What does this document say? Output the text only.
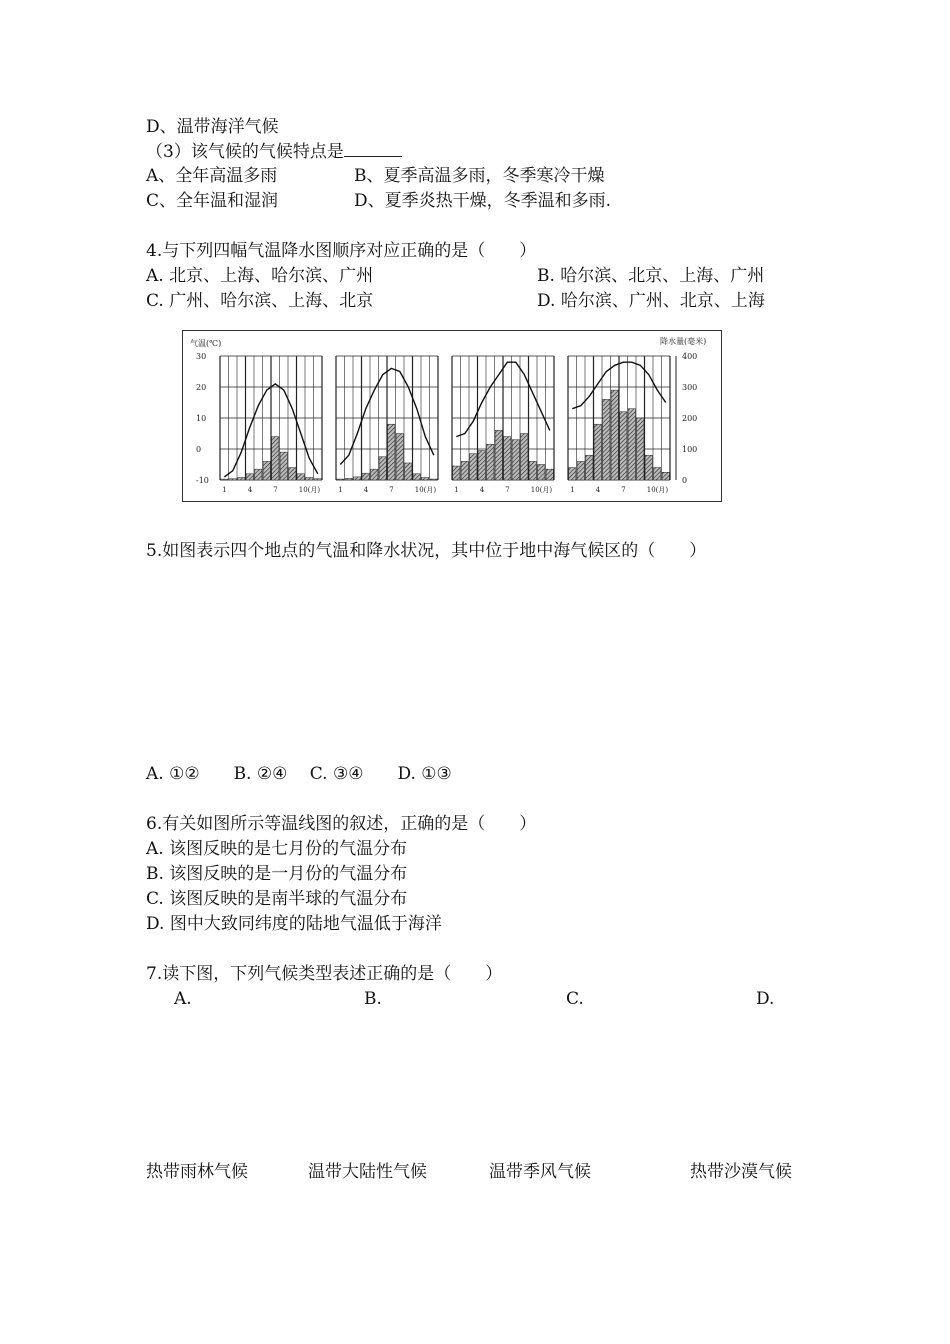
D、温带海洋气候
（3）该气候的气候特点是
A、全年高温多雨	B、夏季高温多雨，冬季寒冷干燥
C、全年温和湿润	D、夏季炎热干燥，冬季温和多雨.
4.与下列四幅气温降水图顺序对应正确的是（　　）
A. 北京、上海、哈尔滨、广州	B. 哈尔滨、北京、上海、广州
C. 广州、哈尔滨、上海、北京	D. 哈尔滨、广州、北京、上海
气温(℃)	降水量(毫米)
30
20
10
0
-10
400
300
200
100
0
1	4	7	10(月)	1	4	7	10(月)	1	4	7	10(月)	1	4	7	10(月)
5.如图表示四个地点的气温和降水状况，其中位于地中海气候区的（　　）
A. ①②　　B. ②④　 C. ③④　　D. ①③
6.有关如图所示等温线图的叙述，正确的是（　　）
A. 该图反映的是七月份的气温分布
B. 该图反映的是一月份的气温分布
C. 该图反映的是南半球的气温分布
D. 图中大致同纬度的陆地气温低于海洋
7.读下图，下列气候类型表述正确的是（　　）
A.	B.	C.	D.
热带雨林气候	温带大陆性气候	温带季风气候	热带沙漠气候
